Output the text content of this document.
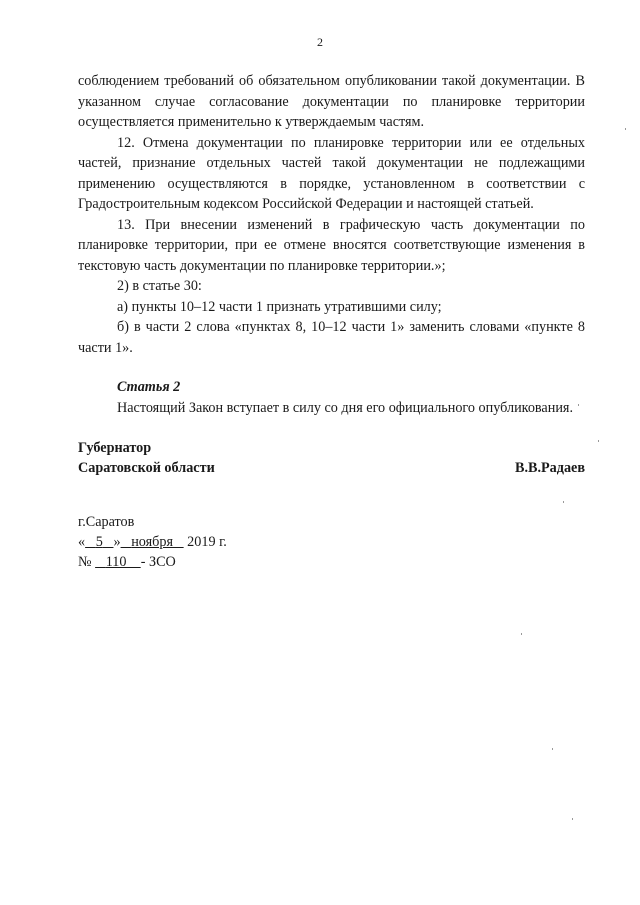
2

соблюдением требований об обязательном опубликовании такой документации. В указанном случае согласование документации по планировке территории осуществляется применительно к утверждаемым частям.

12. Отмена документации по планировке территории или ее отдельных частей, признание отдельных частей такой документации не подлежащими применению осуществляются в порядке, установленном в соответствии с Градостроительным кодексом Российской Федерации и настоящей статьей.

13. При внесении изменений в графическую часть документации по планировке территории, при ее отмене вносятся соответствующие изменения в текстовую часть документации по планировке территории.»;

2) в статье 30:

а) пункты 10–12 части 1 признать утратившими силу;

б) в части 2 слова «пунктах 8, 10–12 части 1» заменить словами «пункте 8 части 1».

Статья 2

Настоящий Закон вступает в силу со дня его официального опубликования.

Губернатор
Саратовской области	В.В.Радаев
г.Саратов
« 5 » ноября 2019 г.
№ 110 - ЗСО
